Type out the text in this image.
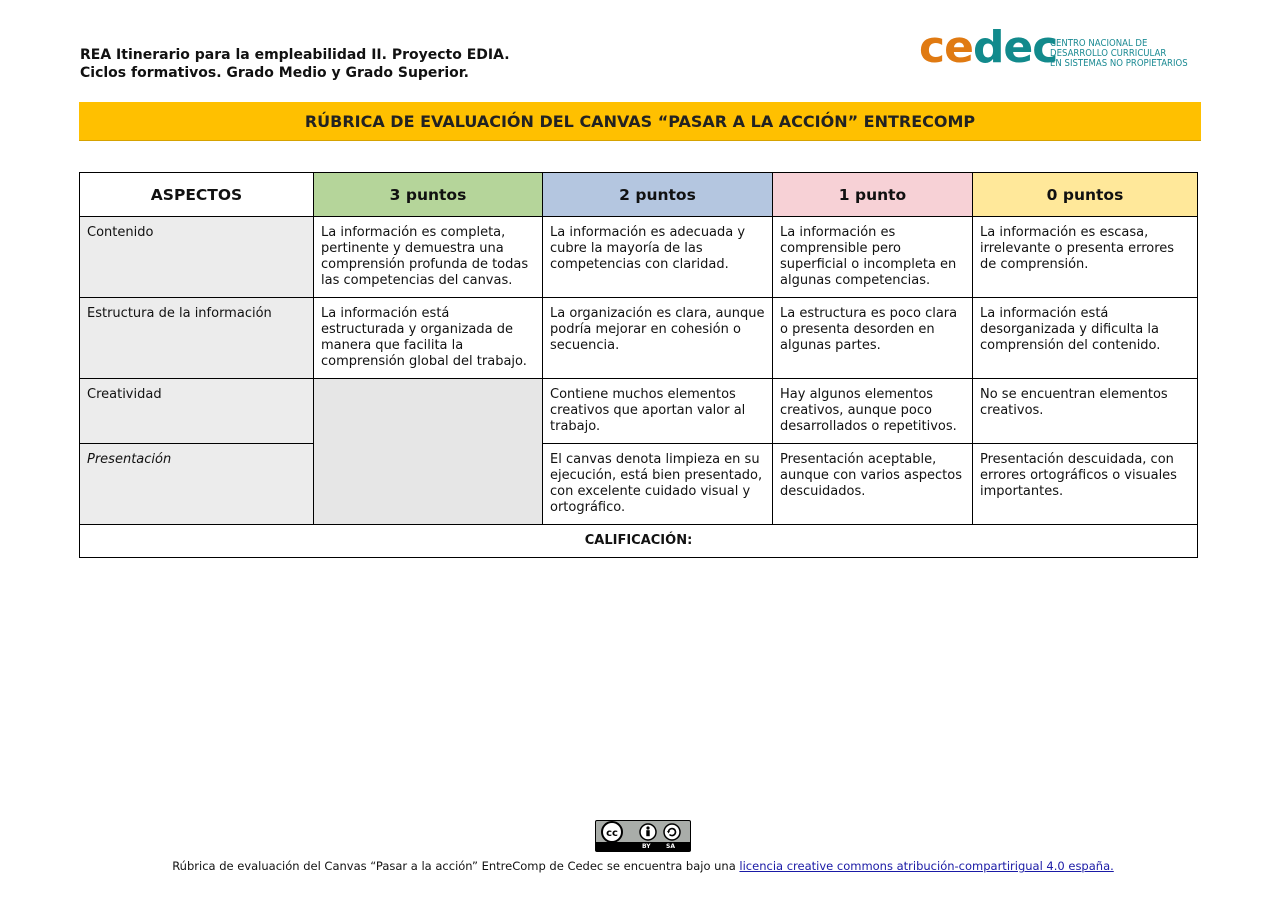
REA Itinerario para la empleabilidad II. Proyecto EDIA.
Ciclos formativos. Grado Medio y Grado Superior.	cedec
CENTRO NACIONAL DE
DESARROLLO CURRICULAR
EN SISTEMAS NO PROPIETARIOS
RÚBRICA DE EVALUACIÓN DEL CANVAS “PASAR A LA ACCIÓN” ENTRECOMP
ASPECTOS	3 puntos	2 puntos	1 punto	0 puntos
Contenido	La información es completa, pertinente y demuestra una comprensión profunda de todas las competencias del canvas.	La información es adecuada y cubre la mayoría de las competencias con claridad.	La información es comprensible pero superficial o incompleta en algunas competencias.	La información es escasa, irrelevante o presenta errores de comprensión.
Estructura de la información	La información está estructurada y organizada de manera que facilita la comprensión global del trabajo.	La organización es clara, aunque podría mejorar en cohesión o secuencia.	La estructura es poco clara o presenta desorden en algunas partes.	La información está desorganizada y dificulta la comprensión del contenido.
Creatividad		Contiene muchos elementos creativos que aportan valor al trabajo.	Hay algunos elementos creativos, aunque poco desarrollados o repetitivos.	No se encuentran elementos creativos.
Presentación		El canvas denota limpieza en su ejecución, está bien presentado, con excelente cuidado visual y ortográfico.	Presentación aceptable, aunque con varios aspectos descuidados.	Presentación descuidada, con errores ortográficos o visuales importantes.
CALIFICACIÓN:				
cc
BY	SA
Rúbrica de evaluación del Canvas “Pasar a la acción” EntreComp de Cedec se encuentra bajo una licencia creative commons atribución-compartirigual 4.0 españa.
